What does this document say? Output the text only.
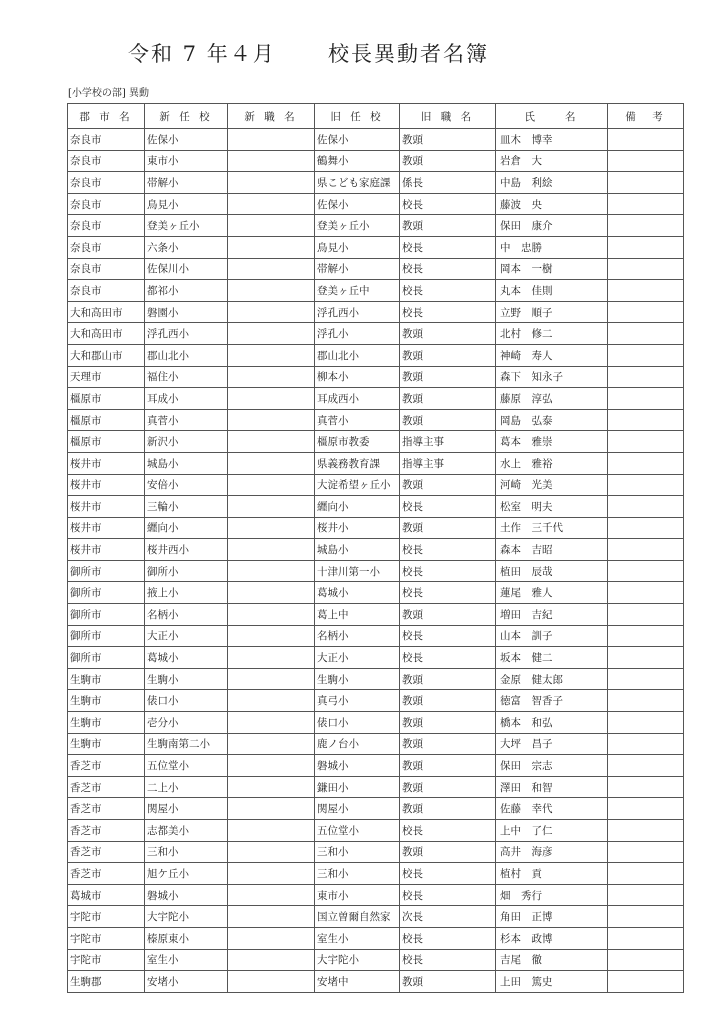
令和 7 年４月 校長異動者名簿
[小学校の部] 異動
郡 市 名	新 任 校	新 職 名	旧 任 校	旧 職 名	氏　　名	備　考
奈良市	佐保小		佐保小	教頭	皿木　博幸	
奈良市	東市小		鶴舞小	教頭	岩倉　大	
奈良市	帯解小		県こども家庭課	係長	中島　利絵	
奈良市	鳥見小		佐保小	校長	藤波　央	
奈良市	登美ヶ丘小		登美ヶ丘小	教頭	保田　康介	
奈良市	六条小		鳥見小	校長	中　忠勝	
奈良市	佐保川小		帯解小	校長	岡本　一樹	
奈良市	都祁小		登美ヶ丘中	校長	丸本　佳則	
大和高田市	磐園小		浮孔西小	校長	立野　順子	
大和高田市	浮孔西小		浮孔小	教頭	北村　修二	
大和郡山市	郡山北小		郡山北小	教頭	神崎　寿人	
天理市	福住小		柳本小	教頭	森下　知永子	
橿原市	耳成小		耳成西小	教頭	藤原　淳弘	
橿原市	真菅小		真菅小	教頭	岡島　弘泰	
橿原市	新沢小		橿原市教委	指導主事	葛本　雅崇	
桜井市	城島小		県義務教育課	指導主事	水上　雅裕	
桜井市	安倍小		大淀希望ヶ丘小	教頭	河崎　光美	
桜井市	三輪小		纒向小	校長	松室　明夫	
桜井市	纒向小		桜井小	教頭	土作　三千代	
桜井市	桜井西小		城島小	校長	森本　吉昭	
御所市	御所小		十津川第一小	校長	植田　辰哉	
御所市	掖上小		葛城小	校長	蓮尾　雅人	
御所市	名柄小		葛上中	教頭	増田　吉紀	
御所市	大正小		名柄小	校長	山本　訓子	
御所市	葛城小		大正小	校長	坂本　健二	
生駒市	生駒小		生駒小	教頭	金原　健太郎	
生駒市	俵口小		真弓小	教頭	徳富　智香子	
生駒市	壱分小		俵口小	教頭	橋本　和弘	
生駒市	生駒南第二小		鹿ノ台小	教頭	大坪　昌子	
香芝市	五位堂小		磐城小	教頭	保田　宗志	
香芝市	二上小		鎌田小	教頭	澤田　和智	
香芝市	関屋小		関屋小	教頭	佐藤　幸代	
香芝市	志都美小		五位堂小	校長	上中　了仁	
香芝市	三和小		三和小	教頭	高井　海彦	
香芝市	旭ケ丘小		三和小	校長	植村　貢	
葛城市	磐城小		東市小	校長	畑　秀行	
宇陀市	大宇陀小		国立曽爾自然家	次長	角田　正博	
宇陀市	榛原東小		室生小	校長	杉本　政博	
宇陀市	室生小		大宇陀小	校長	吉尾　徹	
生駒郡	安堵小		安堵中	教頭	上田　篤史	
